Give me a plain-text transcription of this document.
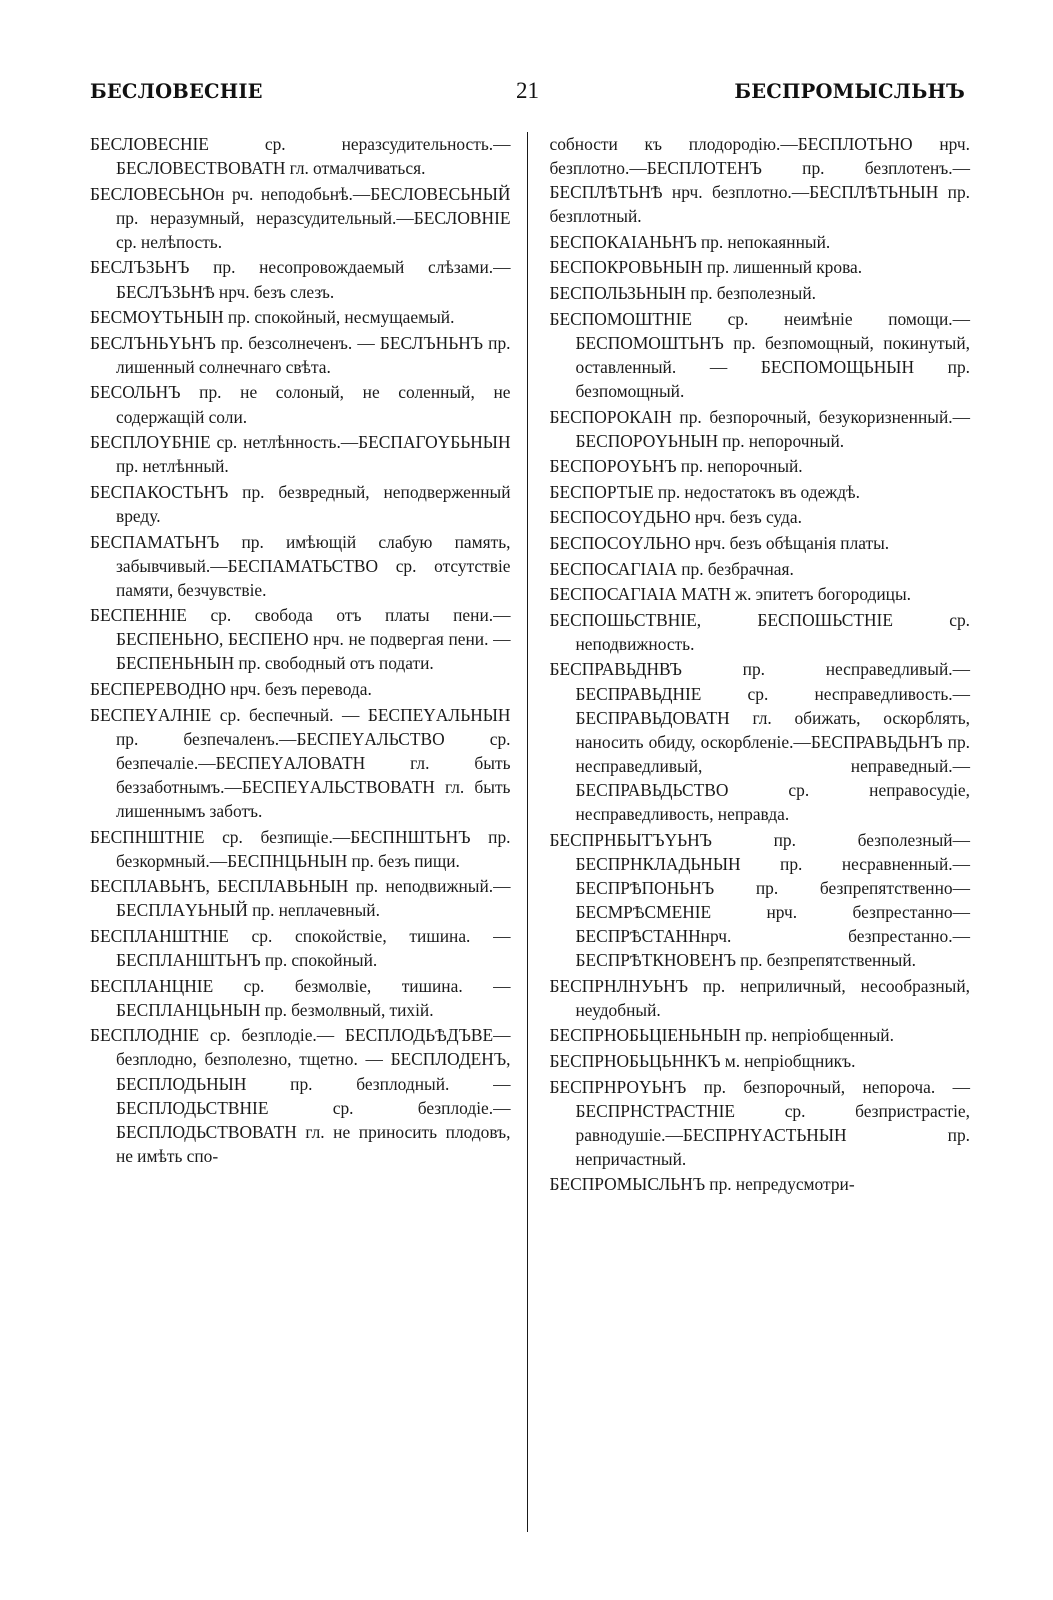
БЕСЛОВЕСНІЕ	21	БЕСПРОМЫСЛЬНЪ

БЕСЛОВЕСНІЕ ср. неразсудительность.—БЕСЛОВЕСТВОВАТН гл. отмалчиваться.

БЕСЛОВЕСЬНОн рч. неподобьнѣ.—БЕСЛОВЕСЬНЫЙ пр. неразумный, неразсудительный.—БЕСЛОВНІЕ ср. нелѣпость.

БЕСЛЪЗЬНЪ пр. несопровождаемый слѣзами.—БЕСЛЪЗЬНѢ нрч. безъ слезъ.

БЕСМОҮТЬНЫН пр. спокойный, несмущаемый.

БЕСЛЪНЬҮЬНЪ пр. безсолнеченъ. — БЕСЛЪНЬНЪ пр. лишенный солнечнаго свѣта.

БЕСОЛЬНЪ пр. не солоный, не соленный, не содержащій соли.

БЕСПЛОҮБНІЕ ср. нетлѣнность.—БЕСПАГОҮБЬНЫН пр. нетлѣнный.

БЕСПАКОСТЬНЪ пр. безвредный, неподверженный вреду.

БЕСПАМАТЬНЪ пр. имѣющій слабую память, забывчивый.—БЕСПАМАТЬСТВО ср. отсутствіе памяти, безчувствіе.

БЕСПЕННІЕ ср. свобода отъ платы пени.—БЕСПЕНЬНО, БЕСПЕНО нрч. не подвергая пени. — БЕСПЕНЬНЫН пр. свободный отъ подати.

БЕСПЕРЕВОДНО нрч. безъ перевода.

БЕСПЕҮАЛНІЕ ср. беспечный. — БЕСПЕҮАЛЬНЫН пр. безпечаленъ.—БЕСПЕҮАЛЬСТВО ср. безпечаліе.—БЕСПЕҮАЛОВАТН гл. быть беззаботнымъ.—БЕСПЕҮАЛЬСТВОВАТН гл. быть лишеннымъ заботъ.

БЕСПНШТНІЕ ср. безпищіе.—БЕСПНШТЬНЪ пр. безкормный.—БЕСПНЦЬНЫН пр. безъ пищи.

БЕСПЛАВЬНЪ, БЕСПЛАВЬНЫН пр. неподвижный.—БЕСПЛАҮЬНЫЙ пр. неплачевный.

БЕСПЛАНШТНІЕ ср. спокойствіе, тишина. —БЕСПЛАНШТЬНЪ пр. спокойный.

БЕСПЛАНЦНІЕ ср. безмолвіе, тишина. — БЕСПЛАНЦЬНЫН пр. безмолвный, тихій.

БЕСПЛОДНІЕ ср. безплодіе.— БЕСПЛОДЬѢДЪВЕ—безплодно, безполезно, тщетно. — БЕСПЛОДЕНЪ, БЕСПЛОДЬНЫН пр. безплодный. — БЕСПЛОДЬСТВНІЕ ср. безплодіе.—БЕСПЛОДЬСТВОВАТН гл. не приносить плодовъ, не имѣть спо-

собности къ плодородію.—БЕСПЛОТЬНО нрч. безплотно.—БЕСПЛОТЕНЪ пр. безплотенъ.—БЕСПЛѢТЬНѢ нрч. безплотно.—БЕСПЛѢТЬНЫН пр. безплотный.

БЕСПОКАІАНЬНЪ пр. непокаянный.

БЕСПОКРОВЬНЫН пр. лишенный крова.

БЕСПОЛЬЗЬНЫН пр. безполезный.

БЕСПОМОШТНІЕ ср. неимѣніе помощи.—БЕСПОМОШТЬНЪ пр. безпомощный, покинутый, оставленный. — БЕСПОМОЩЬНЫН пр. безпомощный.

БЕСПОРОКАІН пр. безпорочный, безукоризненный.—БЕСПОРОҮЬНЫН пр. непорочный.

БЕСПОРОҮЬНЪ пр. непорочный.

БЕСПОРТЬІЕ пр. недостатокъ въ одеждѣ.

БЕСПОСОҮДЬНО нрч. безъ суда.

БЕСПОСОҮЛЬНО нрч. безъ обѣщанія платы.

БЕСПОСАГІАІА пр. безбрачная.

БЕСПОСАГІАІА МАТН ж. эпитетъ богородицы.

БЕСПОШЬСТВНІЕ, БЕСПОШЬСТНІЕ ср. неподвижность.

БЕСПРАВЬДНВЪ пр. несправедливый.—БЕСПРАВЬДНІЕ ср. несправедливость.—БЕСПРАВЬДОВАТН гл. обижать, оскорблять, наносить обиду, оскорбленіе.—БЕСПРАВЬДЬНЪ пр. несправедливый, неправедный.—БЕСПРАВЬДЬСТВО ср. неправосудіе, несправедливость, неправда.

БЕСПРНБЫТЪҮЬНЪ пр. безполезный—БЕСПРНКЛАДЬНЫН пр. несравненный.—БЕСПРѢПОНЬНЪ пр. безпрепятственно—БЕСМРѢСМЕНІЕ нрч. безпрестанно—БЕСПРѢСТАННнрч. безпрестанно.—БЕСПРѢТКНОВЕНЪ пр. безпрепятственный.

БЕСПРНЛНУЬНЪ пр. неприличный, несообразный, неудобный.

БЕСПРНОБЬЦІЕНЬНЫН пр. непріобщенный.

БЕСПРНОБЬЦЬННКЪ м. непріобщникъ.

БЕСПРНРОҮЬНЪ пр. безпорочный, непороча. — БЕСПРНСТРАСТНІЕ ср. безпристрастіе, равнодушіе.—БЕСПРНҮАСТЬНЫН пр. непричастный.

БЕСПРОМЫСЛЬНЪ пр. непредусмотри-
